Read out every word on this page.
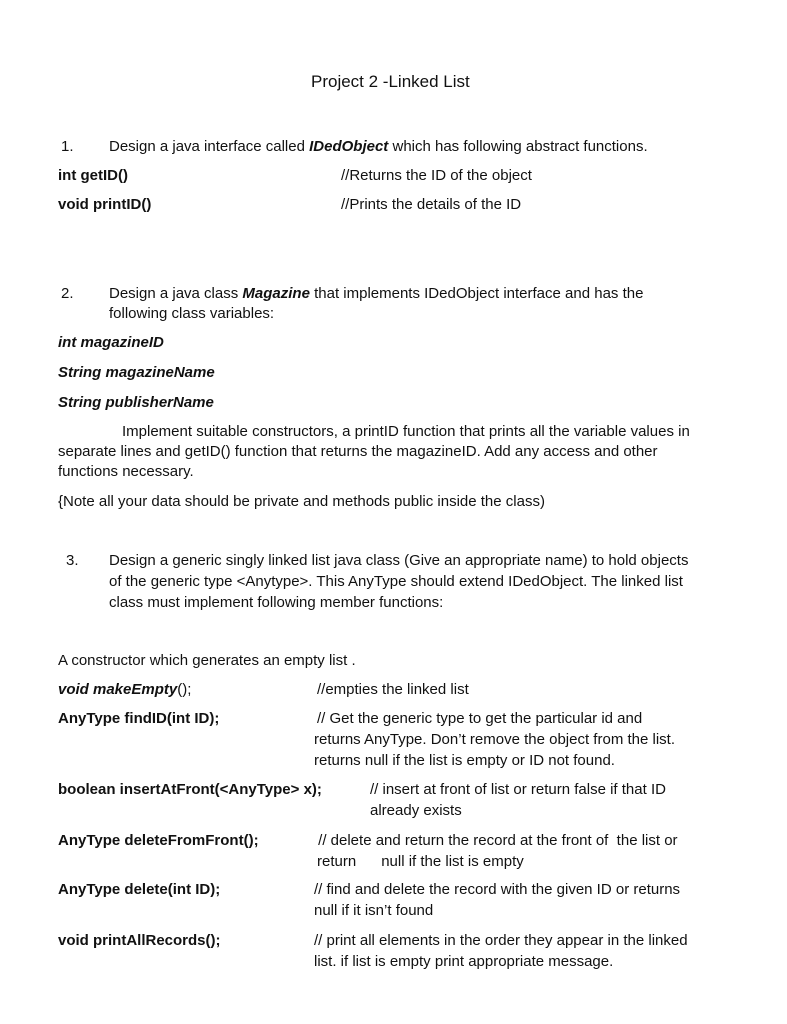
Project 2 -Linked List
1. Design a java interface called IDedObject which has following abstract functions.
int getID()	//Returns the ID of the object
void printID()	//Prints the details of the ID
2. Design a java class Magazine that implements IDedObject interface and has the
following class variables:
int magazineID
String magazineName
String publisherName
Implement suitable constructors, a printID function that prints all the variable values in
separate lines and getID() function that returns the magazineID. Add any access and other
functions necessary.
{Note all your data should be private and methods public inside the class)
3. Design a generic singly linked list java class (Give an appropriate name) to hold objects
of the generic type <Anytype>. This AnyType should extend IDedObject. The linked list
class must implement following member functions:
A constructor which generates an empty list .
void makeEmpty();	//empties the linked list
AnyType findID(int ID);	// Get the generic type to get the particular id and
returns AnyType. Don’t remove the object from the list.
returns null if the list is empty or ID not found.
boolean insertAtFront(<AnyType> x);	// insert at front of list or return false if that ID
already exists
AnyType deleteFromFront();	// delete and return the record at the front of  the list or
return      null if the list is empty
AnyType delete(int ID);	// find and delete the record with the given ID or returns
null if it isn’t found
void printAllRecords();	// print all elements in the order they appear in the linked
list. if list is empty print appropriate message.
